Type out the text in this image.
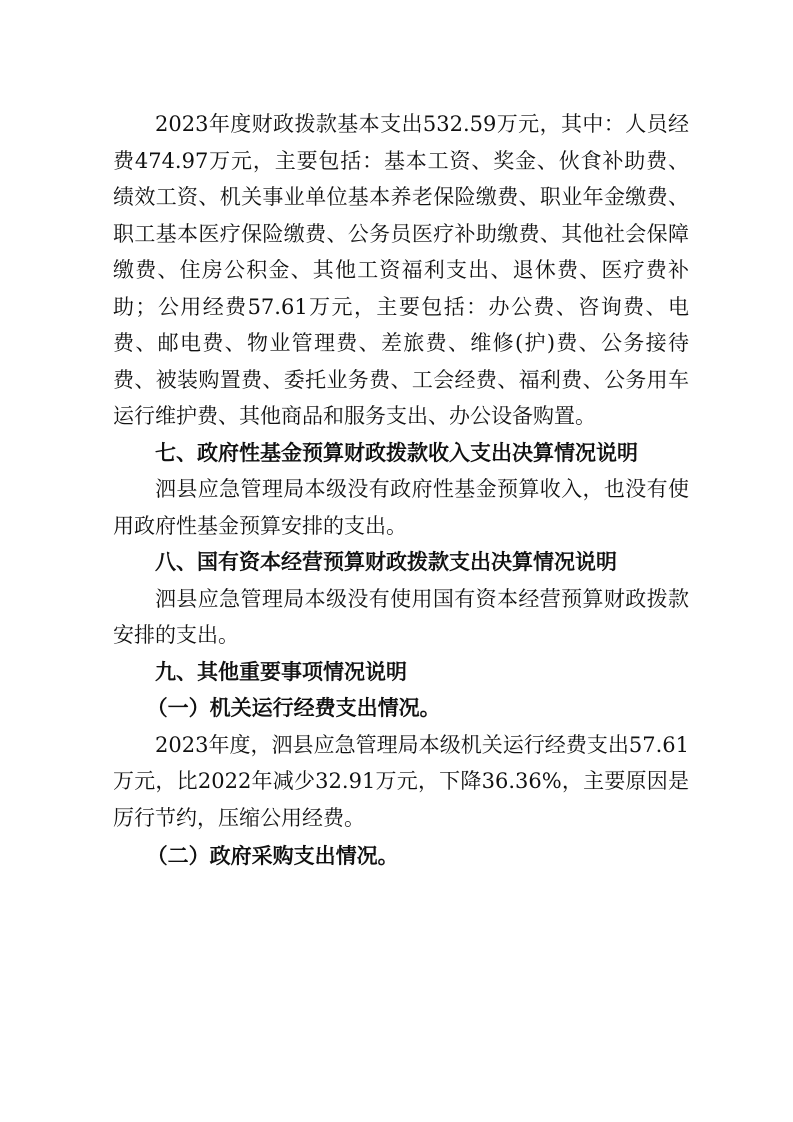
2023年度财政拨款基本支出532.59万元，其中：人员经费474.97万元，主要包括：基本工资、奖金、伙食补助费、绩效工资、机关事业单位基本养老保险缴费、职业年金缴费、职工基本医疗保险缴费、公务员医疗补助缴费、其他社会保障缴费、住房公积金、其他工资福利支出、退休费、医疗费补助；公用经费57.61万元，主要包括：办公费、咨询费、电费、邮电费、物业管理费、差旅费、维修(护)费、公务接待费、被装购置费、委托业务费、工会经费、福利费、公务用车运行维护费、其他商品和服务支出、办公设备购置。

七、政府性基金预算财政拨款收入支出决算情况说明

泗县应急管理局本级没有政府性基金预算收入，也没有使用政府性基金预算安排的支出。

八、国有资本经营预算财政拨款支出决算情况说明

泗县应急管理局本级没有使用国有资本经营预算财政拨款安排的支出。

九、其他重要事项情况说明

（一）机关运行经费支出情况。

2023年度，泗县应急管理局本级机关运行经费支出57.61万元，比2022年减少32.91万元，下降36.36%，主要原因是厉行节约，压缩公用经费。

（二）政府采购支出情况。
